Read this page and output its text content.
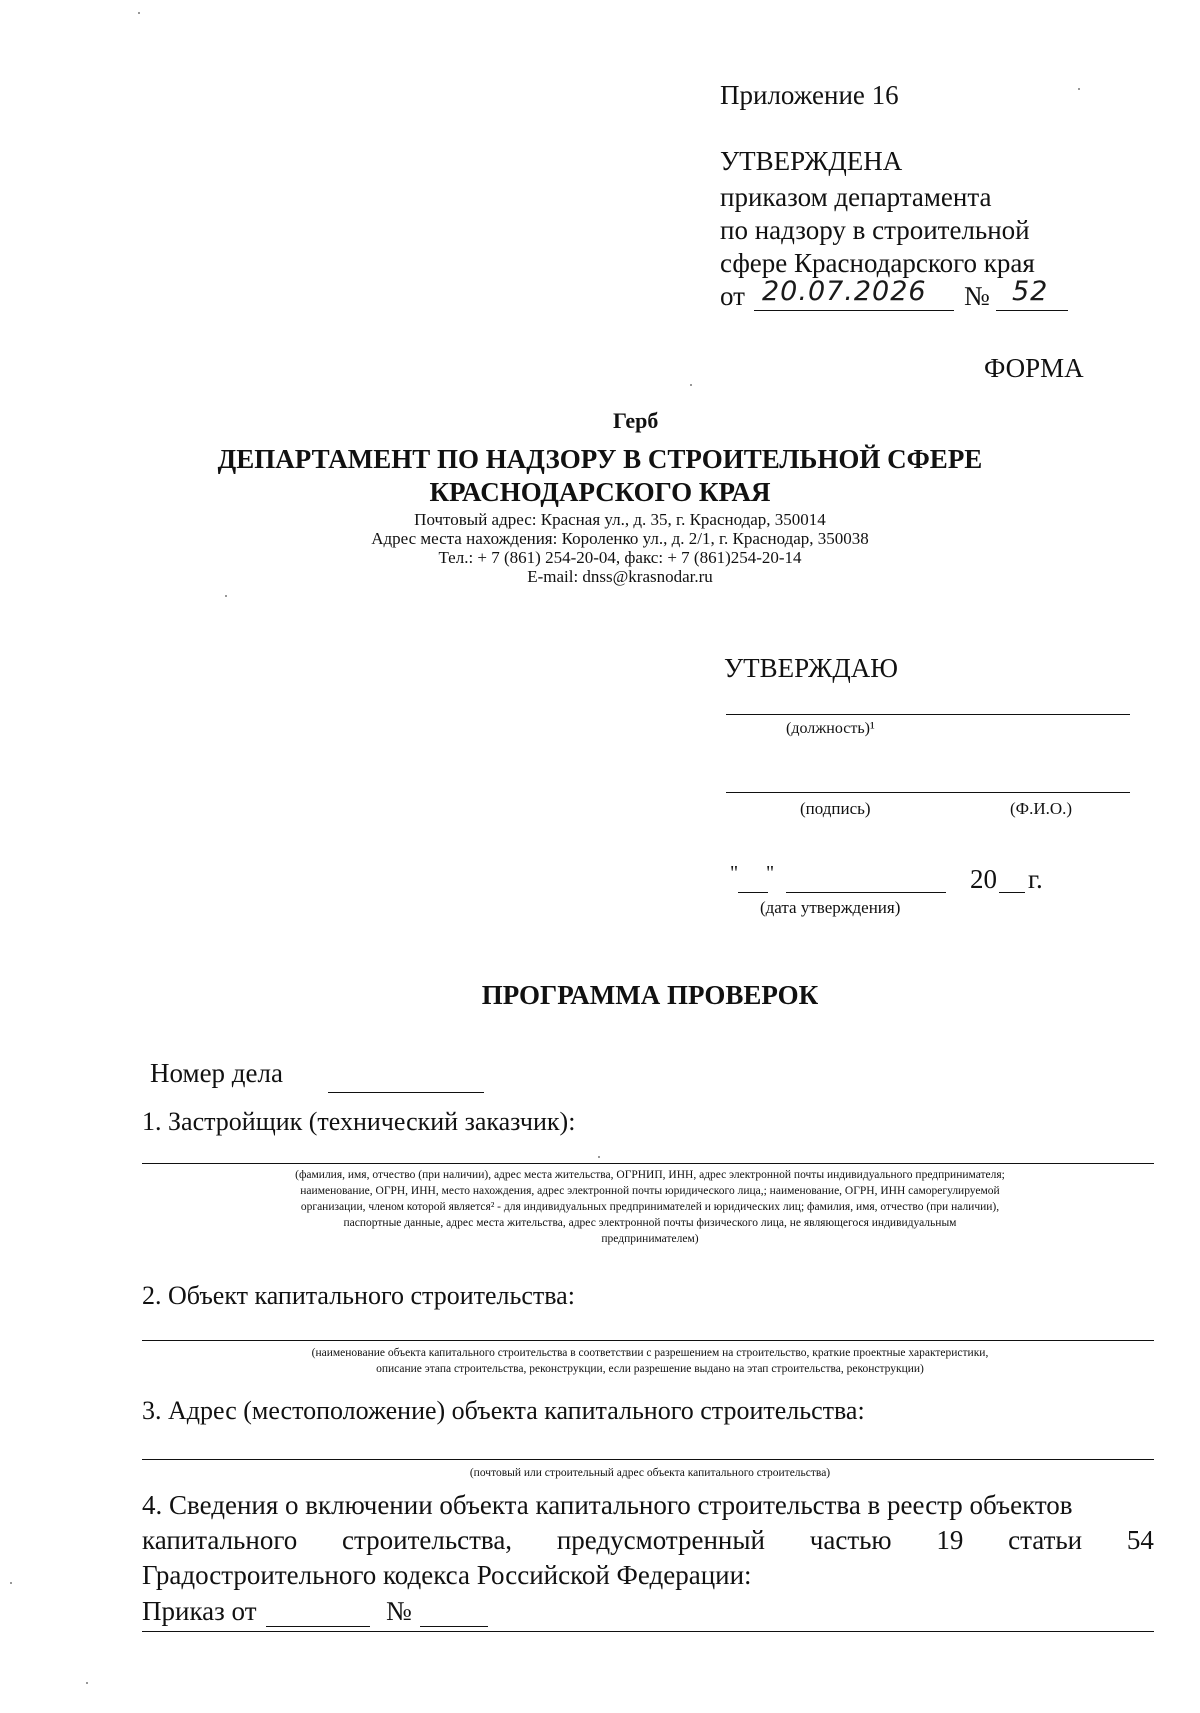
Приложение 16
УТВЕРЖДЕНА
приказом департамента
по надзору в строительной
сфере Краснодарского края
от 20.07.2026 № 52
ФОРМА
Герб
ДЕПАРТАМЕНТ ПО НАДЗОРУ В СТРОИТЕЛЬНОЙ СФЕРЕ
КРАСНОДАРСКОГО КРАЯ
Почтовый адрес: Красная ул., д. 35, г. Краснодар, 350014
Адрес места нахождения: Короленко ул., д. 2/1, г. Краснодар, 350038
Тел.: + 7 (861) 254-20-04, факс: + 7 (861)254-20-14
E-mail: dnss@krasnodar.ru
УТВЕРЖДАЮ
(должность)¹
(подпись)	(Ф.И.О.)
" "	20 г.
(дата утверждения)
ПРОГРАММА ПРОВЕРОК
Номер дела
1. Застройщик (технический заказчик):
(фамилия, имя, отчество (при наличии), адрес места жительства, ОГРНИП, ИНН, адрес электронной почты индивидуального предпринимателя;
наименование, ОГРН, ИНН, место нахождения, адрес электронной почты юридического лица,; наименование, ОГРН, ИНН саморегулируемой
организации, членом которой является² - для индивидуальных предпринимателей и юридических лиц; фамилия, имя, отчество (при наличии),
паспортные данные, адрес места жительства, адрес электронной почты физического лица, не являющегося индивидуальным
предпринимателем)
2. Объект капитального строительства:
(наименование объекта капитального строительства в соответствии с разрешением на строительство, краткие проектные характеристики,
описание этапа строительства, реконструкции, если разрешение выдано на этап строительства, реконструкции)
3. Адрес (местоположение) объекта капитального строительства:
(почтовый или строительный адрес объекта капитального строительства)
4. Сведения о включении объекта капитального строительства в реестр объектов
капитального строительства, предусмотренный частью 19 статьи 54
Градостроительного кодекса Российской Федерации:
Приказ от	№
